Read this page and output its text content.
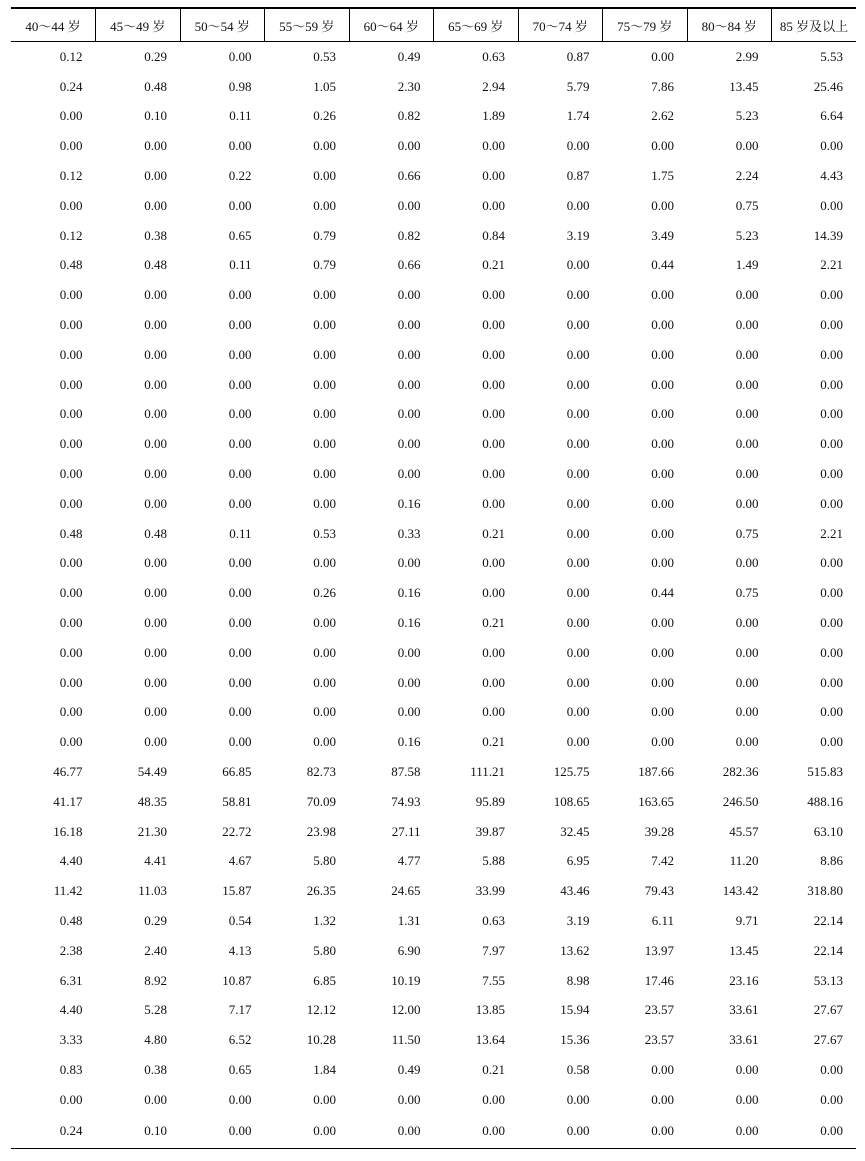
40～44 岁	45～49 岁	50～54 岁	55～59 岁	60～64 岁	65～69 岁	70～74 岁	75～79 岁	80～84 岁	85 岁及以上
0.12	0.29	0.00	0.53	0.49	0.63	0.87	0.00	2.99	5.53
0.24	0.48	0.98	1.05	2.30	2.94	5.79	7.86	13.45	25.46
0.00	0.10	0.11	0.26	0.82	1.89	1.74	2.62	5.23	6.64
0.00	0.00	0.00	0.00	0.00	0.00	0.00	0.00	0.00	0.00
0.12	0.00	0.22	0.00	0.66	0.00	0.87	1.75	2.24	4.43
0.00	0.00	0.00	0.00	0.00	0.00	0.00	0.00	0.75	0.00
0.12	0.38	0.65	0.79	0.82	0.84	3.19	3.49	5.23	14.39
0.48	0.48	0.11	0.79	0.66	0.21	0.00	0.44	1.49	2.21
0.00	0.00	0.00	0.00	0.00	0.00	0.00	0.00	0.00	0.00
0.00	0.00	0.00	0.00	0.00	0.00	0.00	0.00	0.00	0.00
0.00	0.00	0.00	0.00	0.00	0.00	0.00	0.00	0.00	0.00
0.00	0.00	0.00	0.00	0.00	0.00	0.00	0.00	0.00	0.00
0.00	0.00	0.00	0.00	0.00	0.00	0.00	0.00	0.00	0.00
0.00	0.00	0.00	0.00	0.00	0.00	0.00	0.00	0.00	0.00
0.00	0.00	0.00	0.00	0.00	0.00	0.00	0.00	0.00	0.00
0.00	0.00	0.00	0.00	0.16	0.00	0.00	0.00	0.00	0.00
0.48	0.48	0.11	0.53	0.33	0.21	0.00	0.00	0.75	2.21
0.00	0.00	0.00	0.00	0.00	0.00	0.00	0.00	0.00	0.00
0.00	0.00	0.00	0.26	0.16	0.00	0.00	0.44	0.75	0.00
0.00	0.00	0.00	0.00	0.16	0.21	0.00	0.00	0.00	0.00
0.00	0.00	0.00	0.00	0.00	0.00	0.00	0.00	0.00	0.00
0.00	0.00	0.00	0.00	0.00	0.00	0.00	0.00	0.00	0.00
0.00	0.00	0.00	0.00	0.00	0.00	0.00	0.00	0.00	0.00
0.00	0.00	0.00	0.00	0.16	0.21	0.00	0.00	0.00	0.00
46.77	54.49	66.85	82.73	87.58	111.21	125.75	187.66	282.36	515.83
41.17	48.35	58.81	70.09	74.93	95.89	108.65	163.65	246.50	488.16
16.18	21.30	22.72	23.98	27.11	39.87	32.45	39.28	45.57	63.10
4.40	4.41	4.67	5.80	4.77	5.88	6.95	7.42	11.20	8.86
11.42	11.03	15.87	26.35	24.65	33.99	43.46	79.43	143.42	318.80
0.48	0.29	0.54	1.32	1.31	0.63	3.19	6.11	9.71	22.14
2.38	2.40	4.13	5.80	6.90	7.97	13.62	13.97	13.45	22.14
6.31	8.92	10.87	6.85	10.19	7.55	8.98	17.46	23.16	53.13
4.40	5.28	7.17	12.12	12.00	13.85	15.94	23.57	33.61	27.67
3.33	4.80	6.52	10.28	11.50	13.64	15.36	23.57	33.61	27.67
0.83	0.38	0.65	1.84	0.49	0.21	0.58	0.00	0.00	0.00
0.00	0.00	0.00	0.00	0.00	0.00	0.00	0.00	0.00	0.00
0.24	0.10	0.00	0.00	0.00	0.00	0.00	0.00	0.00	0.00
